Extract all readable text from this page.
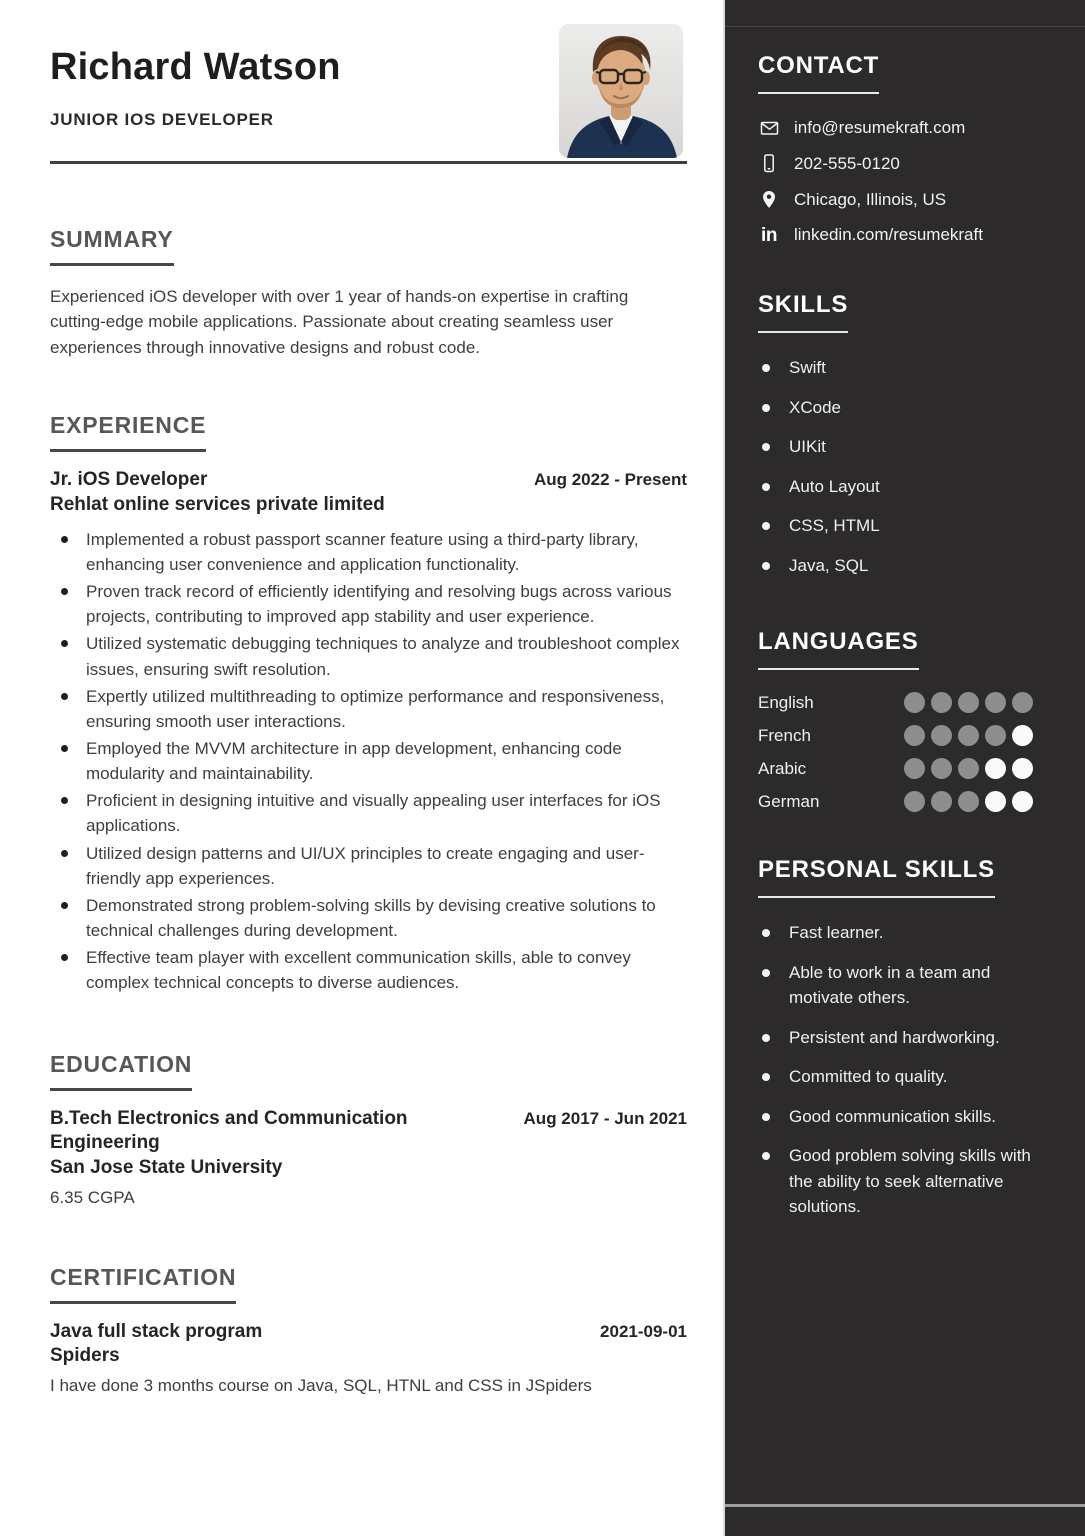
Richard Watson
JUNIOR IOS DEVELOPER
SUMMARY

Experienced iOS developer with over 1 year of hands-on expertise in crafting cutting-edge mobile applications. Passionate about creating seamless user experiences through innovative designs and robust code.

EXPERIENCE
Jr. iOS Developer	Aug 2022 - Present
Rehlat online services private limited
Implemented a robust passport scanner feature using a third-party library, enhancing user convenience and application functionality.
Proven track record of efficiently identifying and resolving bugs across various projects, contributing to improved app stability and user experience.
Utilized systematic debugging techniques to analyze and troubleshoot complex issues, ensuring swift resolution.
Expertly utilized multithreading to optimize performance and responsiveness, ensuring smooth user interactions.
Employed the MVVM architecture in app development, enhancing code modularity and maintainability.
Proficient in designing intuitive and visually appealing user interfaces for iOS applications.
Utilized design patterns and UI/UX principles to create engaging and user-friendly app experiences.
Demonstrated strong problem-solving skills by devising creative solutions to technical challenges during development.
Effective team player with excellent communication skills, able to convey complex technical concepts to diverse audiences.
EDUCATION
B.Tech Electronics and Communication Engineering
Aug 2017 - Jun 2021
San Jose State University
6.35 CGPA
CERTIFICATION
Java full stack program	2021-09-01
Spiders
I have done 3 months course on Java, SQL, HTNL and CSS in JSpiders
CONTACT
info@resumekraft.com
202-555-0120
Chicago, Illinois, US
in linkedin.com/resumekraft
SKILLS
Swift
XCode
UIKit
Auto Layout
CSS, HTML
Java, SQL
LANGUAGES
English
French
Arabic
German
PERSONAL SKILLS
Fast learner.
Able to work in a team and motivate others.
Persistent and hardworking.
Committed to quality.
Good communication skills.
Good problem solving skills with the ability to seek alternative solutions.
